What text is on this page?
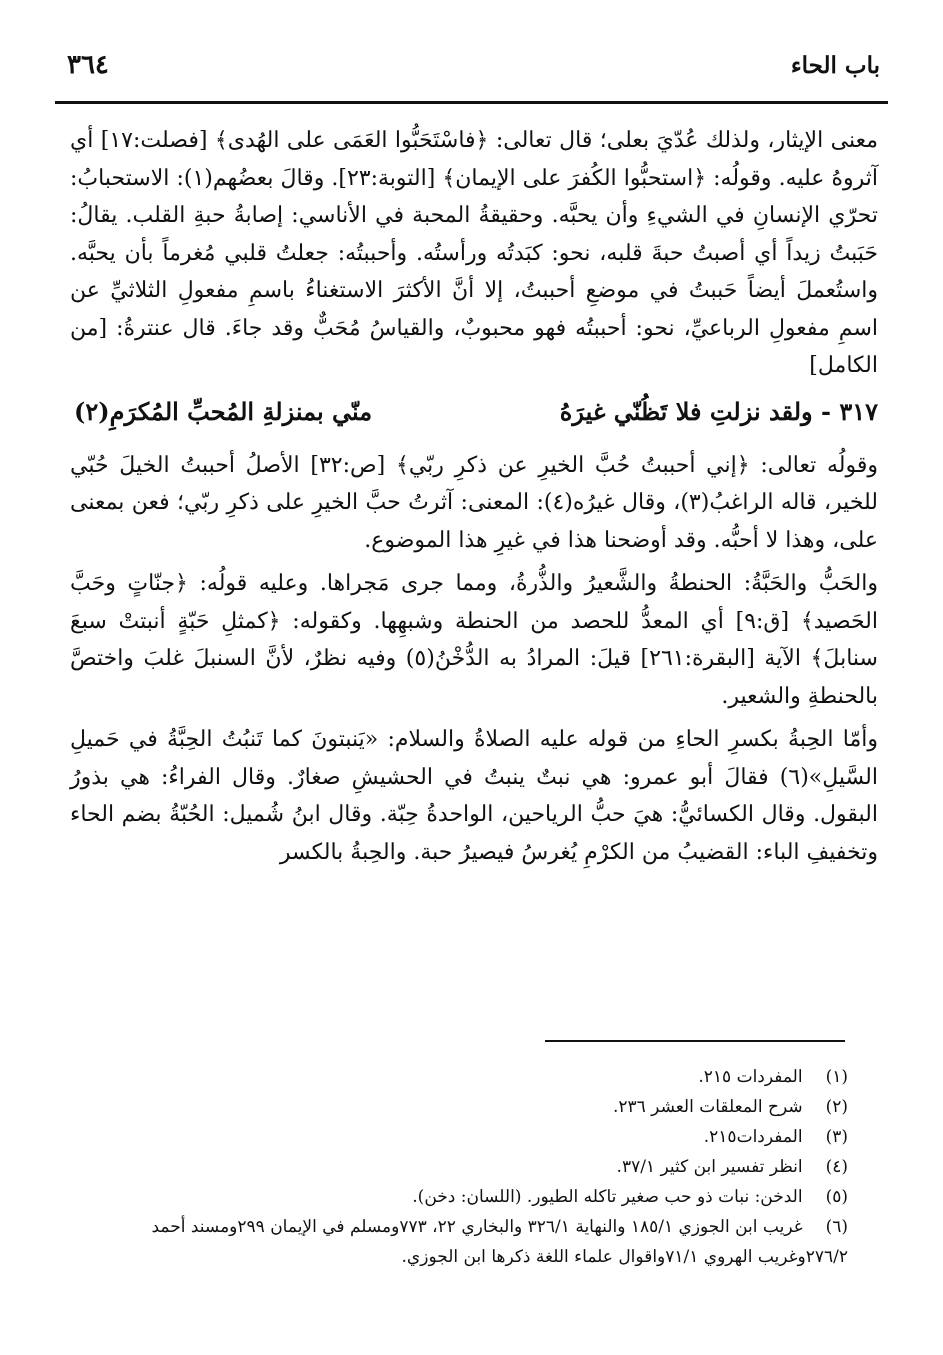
باب الحاء
٣٦٤

معنى الإيثار، ولذلك عُدّيَ بعلى؛ قال تعالى: ﴿فاسْتَحَبُّوا العَمَى على الهُدى﴾ [فصلت:١٧] أي آثروهُ عليه. وقولُه: ﴿استحبُّوا الكُفرَ على الإيمان﴾ [التوبة:٢٣]. وقالَ بعضُهم(١): الاستحبابُ: تحرّي الإنسانِ في الشيءِ وأن يحبَّه. وحقيقةُ المحبة في الأناسي: إصابةُ حبةِ القلب. يقالُ: حَبَبتُ زيداً أي أصبتُ حبةَ قلبه، نحو: كبَدتُه ورأستُه. وأحببتُه: جعلتُ قلبي مُغرماً بأن يحبَّه. واستُعملَ أيضاً حَببتُ في موضعِ أحببتُ، إلا أنَّ الأكثرَ الاستغناءُ باسمِ مفعولِ الثلاثيِّ عن اسمِ مفعولِ الرباعيِّ، نحو: أحببتُه فهو محبوبٌ، والقياسُ مُحَبٌّ وقد جاءَ. قال عنترةُ: [من الكامل]

٣١٧ - ولقد نزلتِ فلا تَظُنّي غيرَهُ
منّي بمنزلةِ المُحبِّ المُكرَمِ(٢)

وقولُه تعالى: ﴿إني أحببتُ حُبَّ الخيرِ عن ذكرِ ربّي﴾ [ص:٣٢] الأصلُ أحببتُ الخيلَ حُبّي للخير، قاله الراغبُ(٣)، وقال غيرُه(٤): المعنى: آثرتُ حبَّ الخيرِ على ذكرِ ربّي؛ فعن بمعنى على، وهذا لا أحبُّه. وقد أوضحنا هذا في غيرِ هذا الموضوع.

والحَبُّ والحَبَّةُ: الحنطةُ والشَّعيرُ والذُّرةُ، ومما جرى مَجراها. وعليه قولُه: ﴿جنّاتٍ وحَبَّ الحَصيد﴾ [ق:٩] أي المعدُّ للحصد من الحنطة وشبهِها. وكقوله: ﴿كمثلِ حَبّةٍ أنبتتْ سبعَ سنابلَ﴾ الآية [البقرة:٢٦١] قيلَ: المرادُ به الدُّخْنُ(٥) وفيه نظرٌ، لأنَّ السنبلَ غلبَ واختصَّ بالحنطةِ والشعير.

وأمّا الحِبةُ بكسرِ الحاءِ من قوله عليه الصلاةُ والسلام: «يَنبتونَ كما تَنبُتُ الحِبَّةُ في حَميلِ السَّيلِ»(٦) فقالَ أبو عمرو: هي نبتٌ ينبتُ في الحشيشِ صغارٌ. وقال الفراءُ: هي بذورُ البقول. وقال الكسائيُّ: هيَ حبُّ الرياحين، الواحدةُ حِبّة. وقال ابنُ شُميل: الحُبّةُ بضم الحاء وتخفيفِ الباء: القضيبُ من الكرْمِ يُغرسُ فيصيرُ حبة. والحِبةُ بالكسر

(١) المفردات ٢١٥.

(٢) شرح المعلقات العشر ٢٣٦.

(٣) المفردات٢١٥.

(٤) انظر تفسير ابن كثير ٣٧/١.

(٥) الدخن: نبات ذو حب صغير تاكله الطيور. (اللسان: دخن).

(٦) غريب ابن الجوزي ١٨٥/١ والنهاية ٣٢٦/١ والبخاري ٢٢، ٧٧٣ومسلم في الإيمان ٢٩٩ومسند أحمد ٢٧٦/٢وغريب الهروي ٧١/١واقوال علماء اللغة ذكرها ابن الجوزي.
